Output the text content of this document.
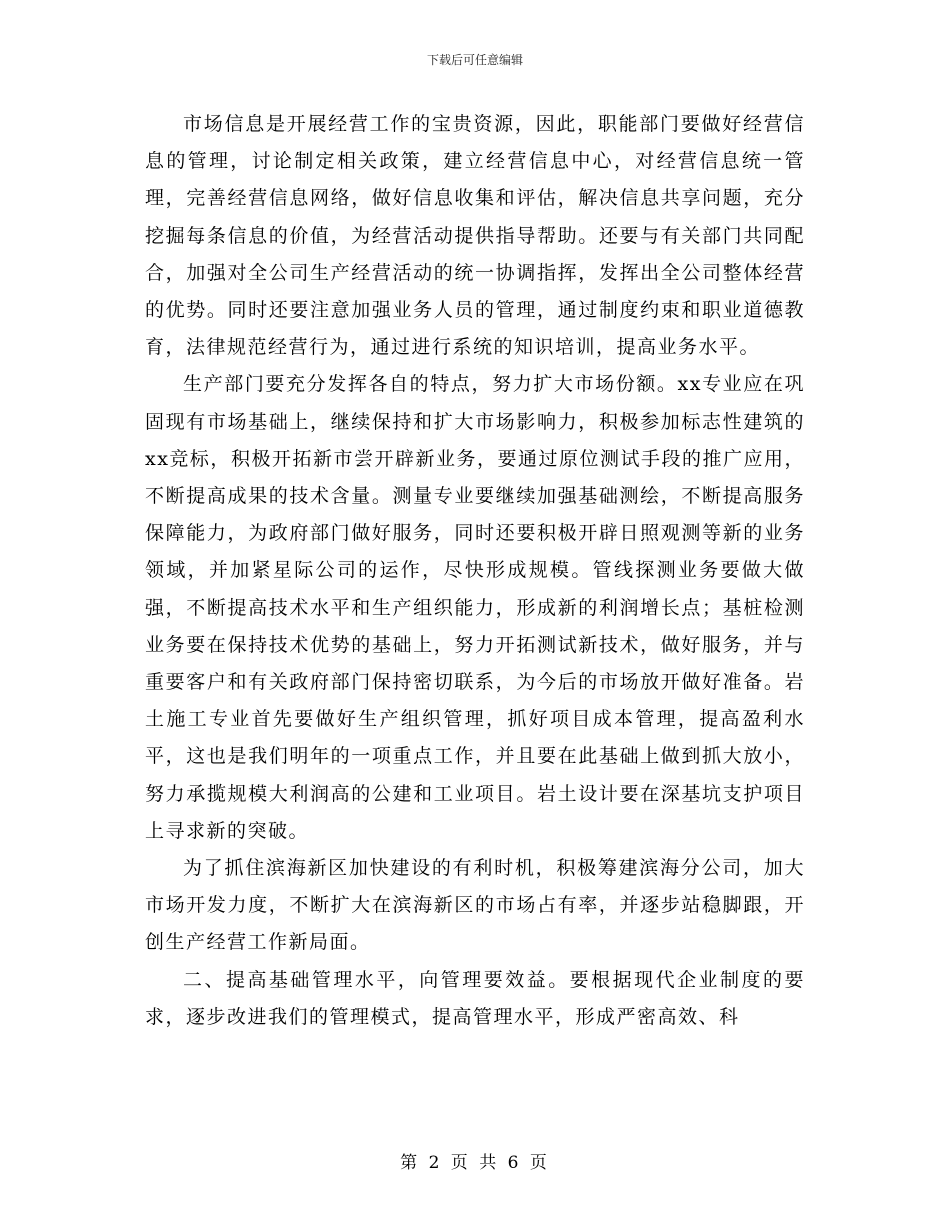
下载后可任意编辑

市场信息是开展经营工作的宝贵资源，因此，职能部门要做好经营信息的管理，讨论制定相关政策，建立经营信息中心，对经营信息统一管理，完善经营信息网络，做好信息收集和评估，解决信息共享问题，充分挖掘每条信息的价值，为经营活动提供指导帮助。还要与有关部门共同配合，加强对全公司生产经营活动的统一协调指挥，发挥出全公司整体经营的优势。同时还要注意加强业务人员的管理，通过制度约束和职业道德教育，法律规范经营行为，通过进行系统的知识培训，提高业务水平。

生产部门要充分发挥各自的特点，努力扩大市场份额。xx专业应在巩固现有市场基础上，继续保持和扩大市场影响力，积极参加标志性建筑的xx竞标，积极开拓新市尝开辟新业务，要通过原位测试手段的推广应用，不断提高成果的技术含量。测量专业要继续加强基础测绘，不断提高服务保障能力，为政府部门做好服务，同时还要积极开辟日照观测等新的业务领域，并加紧星际公司的运作，尽快形成规模。管线探测业务要做大做强，不断提高技术水平和生产组织能力，形成新的利润增长点；基桩检测业务要在保持技术优势的基础上，努力开拓测试新技术，做好服务，并与重要客户和有关政府部门保持密切联系，为今后的市场放开做好准备。岩土施工专业首先要做好生产组织管理，抓好项目成本管理，提高盈利水平，这也是我们明年的一项重点工作，并且要在此基础上做到抓大放小，努力承揽规模大利润高的公建和工业项目。岩土设计要在深基坑支护项目上寻求新的突破。

为了抓住滨海新区加快建设的有利时机，积极筹建滨海分公司，加大市场开发力度，不断扩大在滨海新区的市场占有率，并逐步站稳脚跟，开创生产经营工作新局面。

二、提高基础管理水平，向管理要效益。要根据现代企业制度的要求，逐步改进我们的管理模式，提高管理水平，形成严密高效、科

第 2 页 共 6 页
